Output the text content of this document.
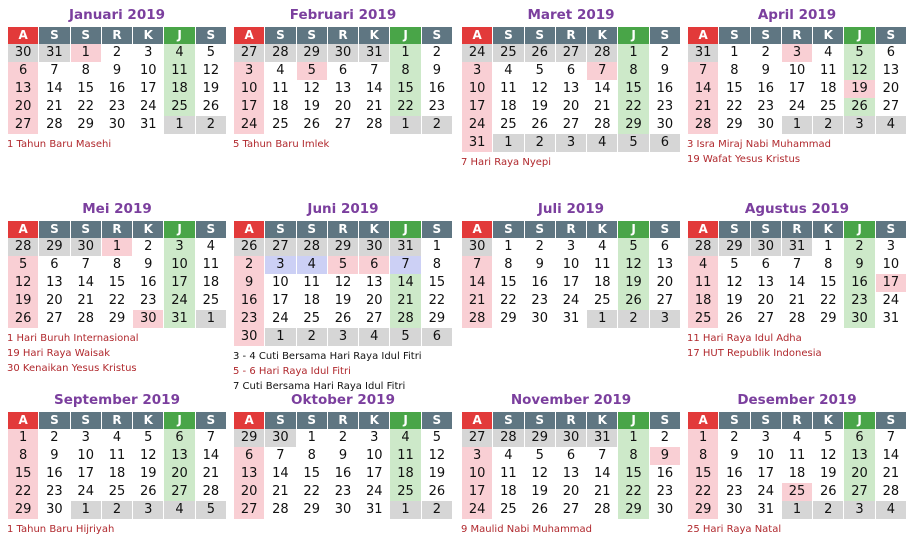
Januari 2019
A	S	S	R	K	J	S
30	31	1	2	3	4	5
6	7	8	9	10	11	12
13	14	15	16	17	18	19
20	21	22	23	24	25	26
27	28	29	30	31	1	2
1 Tahun Baru Masehi
Februari 2019
A	S	S	R	K	J	S
27	28	29	30	31	1	2
3	4	5	6	7	8	9
10	11	12	13	14	15	16
17	18	19	20	21	22	23
24	25	26	27	28	1	2
5 Tahun Baru Imlek
Maret 2019
A	S	S	R	K	J	S
24	25	26	27	28	1	2
3	4	5	6	7	8	9
10	11	12	13	14	15	16
17	18	19	20	21	22	23
24	25	26	27	28	29	30
31	1	2	3	4	5	6
7 Hari Raya Nyepi
April 2019
A	S	S	R	K	J	S
31	1	2	3	4	5	6
7	8	9	10	11	12	13
14	15	16	17	18	19	20
21	22	23	24	25	26	27
28	29	30	1	2	3	4
3 Isra Miraj Nabi Muhammad
19 Wafat Yesus Kristus
Mei 2019
A	S	S	R	K	J	S
28	29	30	1	2	3	4
5	6	7	8	9	10	11
12	13	14	15	16	17	18
19	20	21	22	23	24	25
26	27	28	29	30	31	1
1 Hari Buruh Internasional
19 Hari Raya Waisak
30 Kenaikan Yesus Kristus
Juni 2019
A	S	S	R	K	J	S
26	27	28	29	30	31	1
2	3	4	5	6	7	8
9	10	11	12	13	14	15
16	17	18	19	20	21	22
23	24	25	26	27	28	29
30	1	2	3	4	5	6
3 - 4 Cuti Bersama Hari Raya Idul Fitri
5 - 6 Hari Raya Idul Fitri
7 Cuti Bersama Hari Raya Idul Fitri
Juli 2019
A	S	S	R	K	J	S
30	1	2	3	4	5	6
7	8	9	10	11	12	13
14	15	16	17	18	19	20
21	22	23	24	25	26	27
28	29	30	31	1	2	3
Agustus 2019
A	S	S	R	K	J	S
28	29	30	31	1	2	3
4	5	6	7	8	9	10
11	12	13	14	15	16	17
18	19	20	21	22	23	24
25	26	27	28	29	30	31
11 Hari Raya Idul Adha
17 HUT Republik Indonesia
September 2019
A	S	S	R	K	J	S
1	2	3	4	5	6	7
8	9	10	11	12	13	14
15	16	17	18	19	20	21
22	23	24	25	26	27	28
29	30	1	2	3	4	5
1 Tahun Baru Hijriyah
Oktober 2019
A	S	S	R	K	J	S
29	30	1	2	3	4	5
6	7	8	9	10	11	12
13	14	15	16	17	18	19
20	21	22	23	24	25	26
27	28	29	30	31	1	2
November 2019
A	S	S	R	K	J	S
27	28	29	30	31	1	2
3	4	5	6	7	8	9
10	11	12	13	14	15	16
17	18	19	20	21	22	23
24	25	26	27	28	29	30
9 Maulid Nabi Muhammad
Desember 2019
A	S	S	R	K	J	S
1	2	3	4	5	6	7
8	9	10	11	12	13	14
15	16	17	18	19	20	21
22	23	24	25	26	27	28
29	30	31	1	2	3	4
25 Hari Raya Natal
